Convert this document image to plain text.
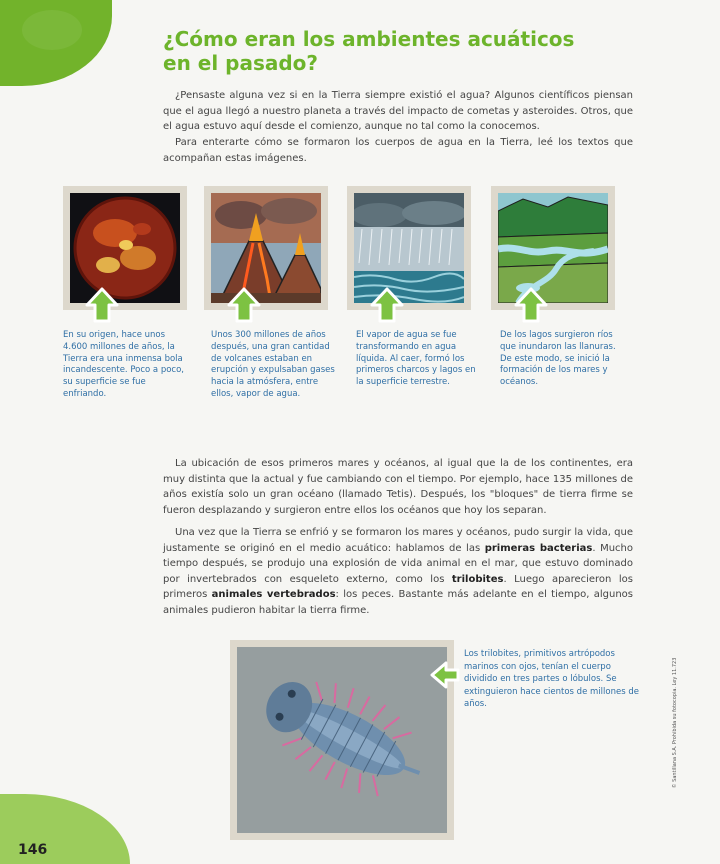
146
¿Cómo eran los ambientes acuáticos
en el pasado?

¿Pensaste alguna vez si en la Tierra siempre existió el agua? Algunos científicos piensan que el agua llegó a nuestro planeta a través del impacto de cometas y asteroides. Otros, que el agua estuvo aquí desde el comienzo, aunque no tal como la conocemos.

Para enterarte cómo se formaron los cuerpos de agua en la Tierra, leé los textos que acompañan estas imágenes.

En su origen, hace unos 4.600 millones de años, la Tierra era una inmensa bola incandescente. Poco a poco, su superficie se fue enfriando.

Unos 300 millones de años después, una gran cantidad de volcanes estaban en erupción y expulsaban gases hacia la atmósfera, entre ellos, vapor de agua.

El vapor de agua se fue transformando en agua líquida. Al caer, formó los primeros charcos y lagos en la superficie terrestre.

De los lagos surgieron ríos que inundaron las llanuras. De este modo, se inició la formación de los mares y océanos.

La ubicación de esos primeros mares y océanos, al igual que la de los continentes, era muy distinta que la actual y fue cambiando con el tiempo. Por ejemplo, hace 135 millones de años existía solo un gran océano (llamado Tetis). Después, los "bloques" de tierra firme se fueron desplazando y surgieron entre ellos los océanos que hoy los separan.

Una vez que la Tierra se enfrió y se formaron los mares y océanos, pudo surgir la vida, que justamente se originó en el medio acuático: hablamos de las primeras bacterias. Mucho tiempo después, se produjo una explosión de vida animal en el mar, que estuvo dominado por invertebrados con esqueleto externo, como los trilobites. Luego aparecieron los primeros animales vertebrados: los peces. Bastante más adelante en el tiempo, algunos animales pudieron habitar la tierra firme.

Los trilobites, primitivos artrópodos marinos con ojos, tenían el cuerpo dividido en tres partes o lóbulos. Se extinguieron hace cientos de millones de años.	© Santillana S.A. Prohibida su fotocopia. Ley 11.723
